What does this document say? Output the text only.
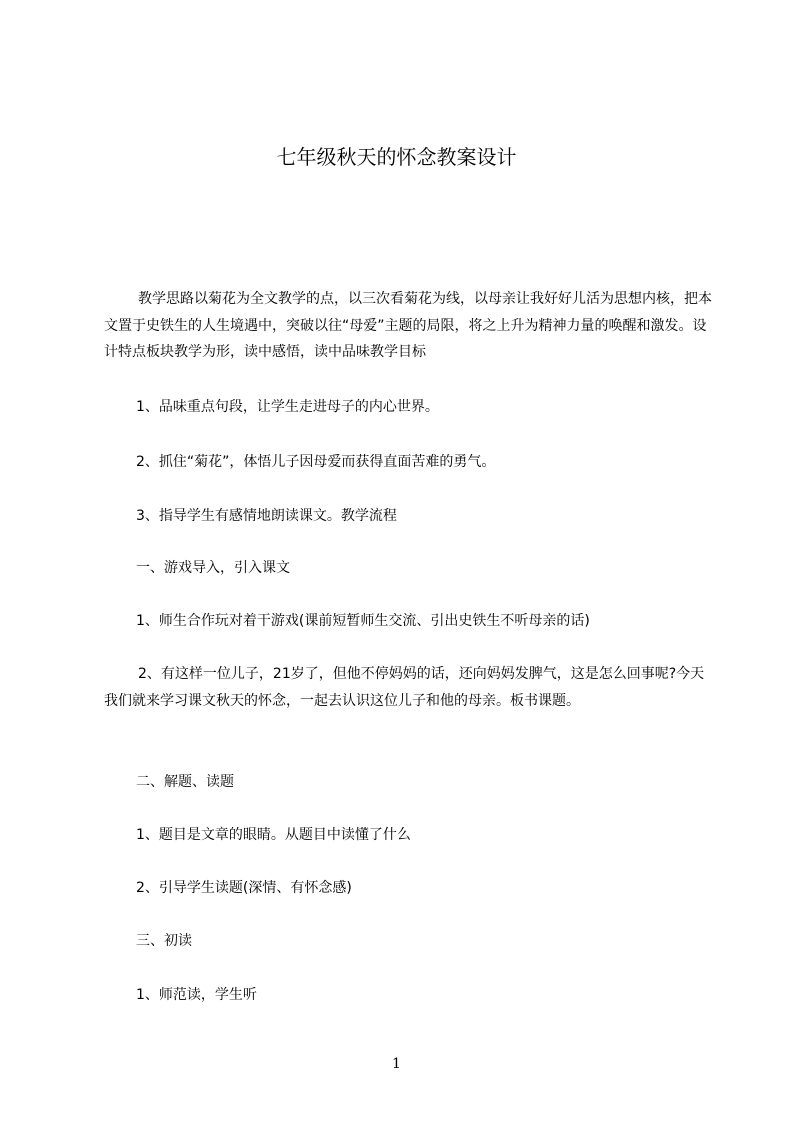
七年级秋天的怀念教案设计

教学思路以菊花为全文教学的点，以三次看菊花为线，以母亲让我好好儿活为思想内核，把本文置于史铁生的人生境遇中，突破以往“母爱”主题的局限，将之上升为精神力量的唤醒和激发。设计特点板块教学为形，读中感悟，读中品味教学目标

1、品味重点句段，让学生走进母子的内心世界。
2、抓住“菊花”，体悟儿子因母爱而获得直面苦难的勇气。
3、指导学生有感情地朗读课文。教学流程
一、游戏导入，引入课文
1、师生合作玩对着干游戏(课前短暂师生交流、引出史铁生不听母亲的话)

2、有这样一位儿子，21岁了，但他不停妈妈的话，还向妈妈发脾气，这是怎么回事呢?今天我们就来学习课文秋天的怀念，一起去认识这位儿子和他的母亲。板书课题。

二、解题、读题
1、题目是文章的眼睛。从题目中读懂了什么
2、引导学生读题(深情、有怀念感)
三、初读
1、师范读，学生听
1
